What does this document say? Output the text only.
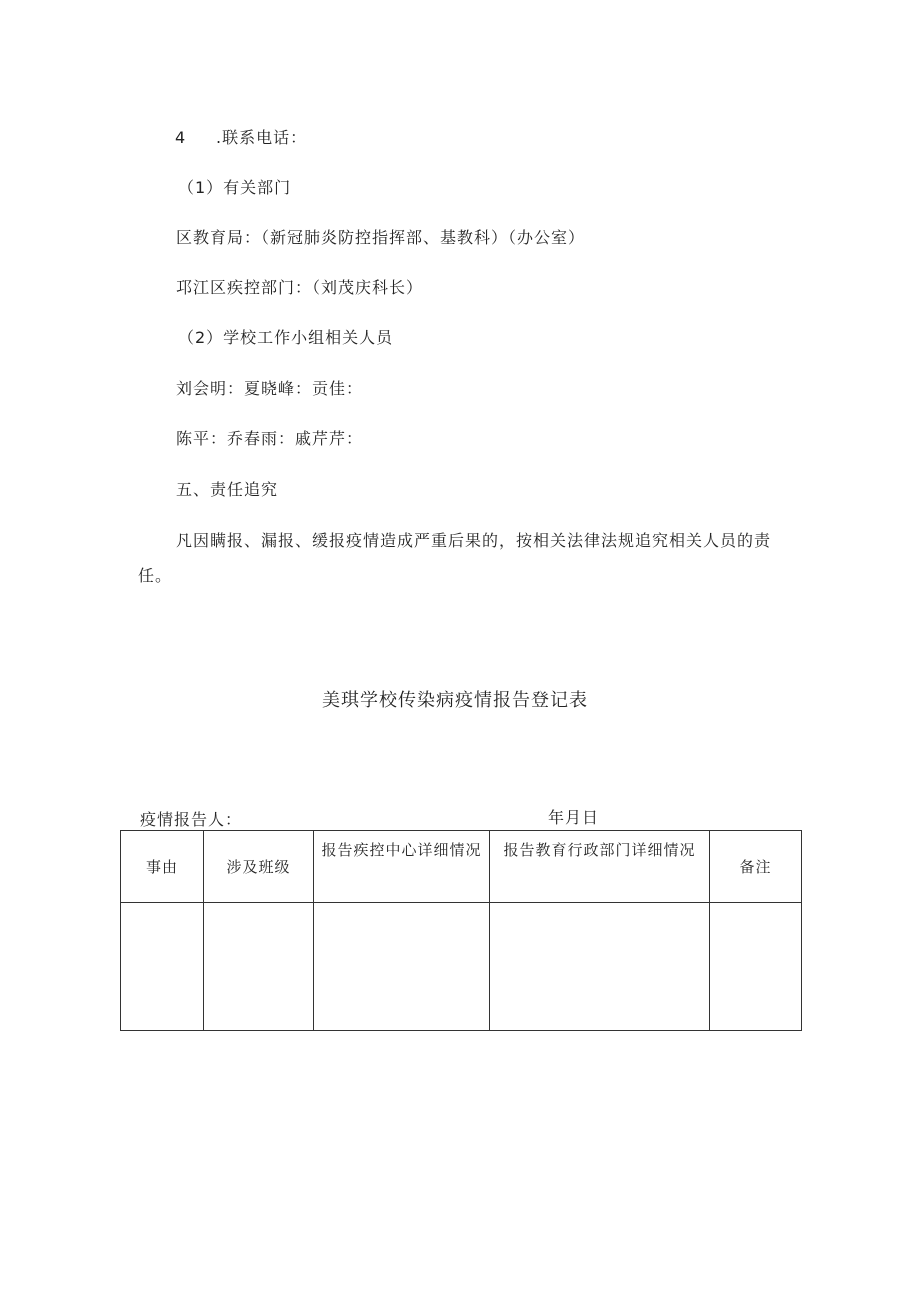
4 .联系电话：
（1）有关部门
区教育局：（新冠肺炎防控指挥部、基教科）（办公室）
邛江区疾控部门：（刘茂庆科长）
（2）学校工作小组相关人员
刘会明：夏晓峰：贡佳：
陈平：乔春雨：戚芹芹：
五、责任追究
凡因瞒报、漏报、缓报疫情造成严重后果的，按相关法律法规追究相关人员的责
任。
美琪学校传染病疫情报告登记表
疫情报告人：	年月日
事由	涉及班级	报告疾控中心详细情况	报告教育行政部门详细情况	备注
